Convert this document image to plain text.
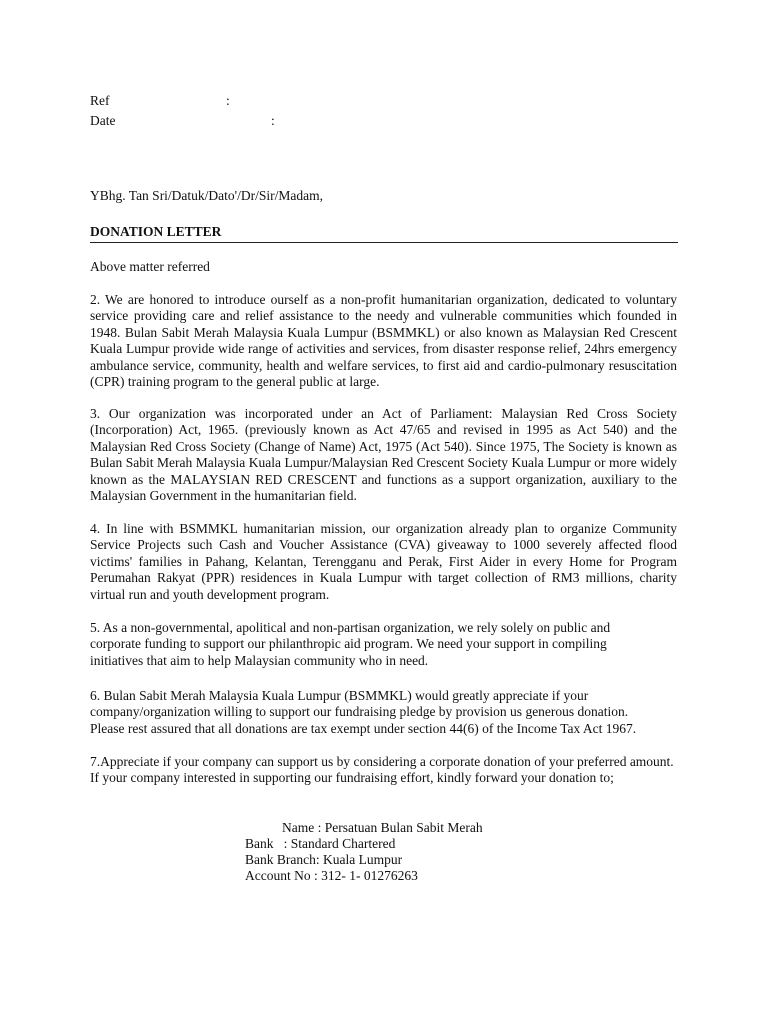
Ref	:
Date	:
YBhg. Tan Sri/Datuk/Dato'/Dr/Sir/Madam,
DONATION LETTER
Above matter referred
2. We are honored to introduce ourself as a non-profit humanitarian organization, dedicated to voluntary service providing care and relief assistance to the needy and vulnerable communities which founded in 1948. Bulan Sabit Merah Malaysia Kuala Lumpur (BSMMKL) or also known as Malaysian Red Crescent Kuala Lumpur provide wide range of activities and services, from disaster response relief, 24hrs emergency ambulance service, community, health and welfare services, to first aid and cardio-pulmonary resuscitation (CPR) training program to the general public at large.
3. Our organization was incorporated under an Act of Parliament: Malaysian Red Cross Society (Incorporation) Act, 1965. (previously known as Act 47/65 and revised in 1995 as Act 540) and the Malaysian Red Cross Society (Change of Name) Act, 1975 (Act 540). Since 1975, The Society is known as Bulan Sabit Merah Malaysia Kuala Lumpur/Malaysian Red Crescent Society Kuala Lumpur or more widely known as the MALAYSIAN RED CRESCENT and functions as a support organization, auxiliary to the Malaysian Government in the humanitarian field.
4. In line with BSMMKL humanitarian mission, our organization already plan to organize Community Service Projects such Cash and Voucher Assistance (CVA) giveaway to 1000 severely affected flood victims' families in Pahang, Kelantan, Terengganu and Perak, First Aider in every Home for Program Perumahan Rakyat (PPR) residences in Kuala Lumpur with target collection of RM3 millions, charity virtual run and youth development program.
5. As a non-governmental, apolitical and non-partisan organization, we rely solely on public and corporate funding to support our philanthropic aid program. We need your support in compiling initiatives that aim to help Malaysian community who in need.
6. Bulan Sabit Merah Malaysia Kuala Lumpur (BSMMKL) would greatly appreciate if your company/organization willing to support our fundraising pledge by provision us generous donation. Please rest assured that all donations are tax exempt under section 44(6) of the Income Tax Act 1967.
7.Appreciate if your company can support us by considering a corporate donation of your preferred amount. If your company interested in supporting our fundraising effort, kindly forward your donation to;
Name : Persatuan Bulan Sabit Merah
Bank   : Standard Chartered
Bank Branch: Kuala Lumpur
Account No : 312- 1- 01276263
